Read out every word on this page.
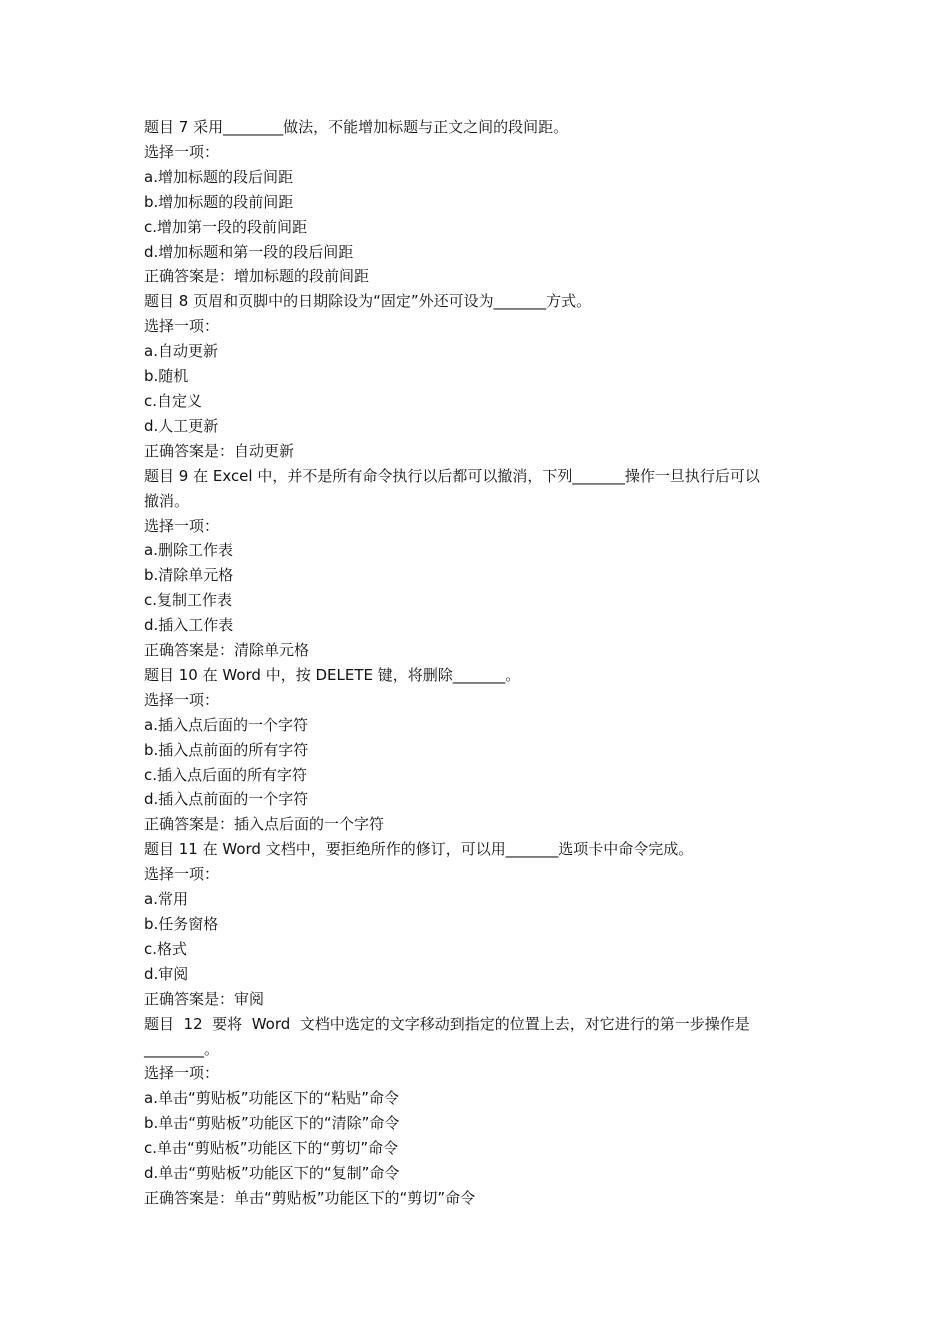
题目 7 采用________做法，不能增加标题与正文之间的段间距。
选择一项：
a.增加标题的段后间距
b.增加标题的段前间距
c.增加第一段的段前间距
d.增加标题和第一段的段后间距
正确答案是：增加标题的段前间距
题目 8 页眉和页脚中的日期除设为“固定”外还可设为_______方式。
选择一项：
a.自动更新
b.随机
c.自定义
d.人工更新
正确答案是：自动更新
题目 9 在 Excel 中，并不是所有命令执行以后都可以撤消，下列_______操作一旦执行后可以
撤消。
选择一项：
a.删除工作表
b.清除单元格
c.复制工作表
d.插入工作表
正确答案是：清除单元格
题目 10 在 Word 中，按 DELETE 键，将删除_______。
选择一项：
a.插入点后面的一个字符
b.插入点前面的所有字符
c.插入点后面的所有字符
d.插入点前面的一个字符
正确答案是：插入点后面的一个字符
题目 11 在 Word 文档中，要拒绝所作的修订，可以用_______选项卡中命令完成。
选择一项：
a.常用
b.任务窗格
c.格式
d.审阅
正确答案是：审阅
题目  12  要将  Word  文档中选定的文字移动到指定的位置上去，对它进行的第一步操作是
________。
选择一项：
a.单击“剪贴板”功能区下的“粘贴”命令
b.单击“剪贴板”功能区下的“清除”命令
c.单击“剪贴板”功能区下的“剪切”命令
d.单击“剪贴板”功能区下的“复制”命令
正确答案是：单击“剪贴板”功能区下的“剪切”命令
